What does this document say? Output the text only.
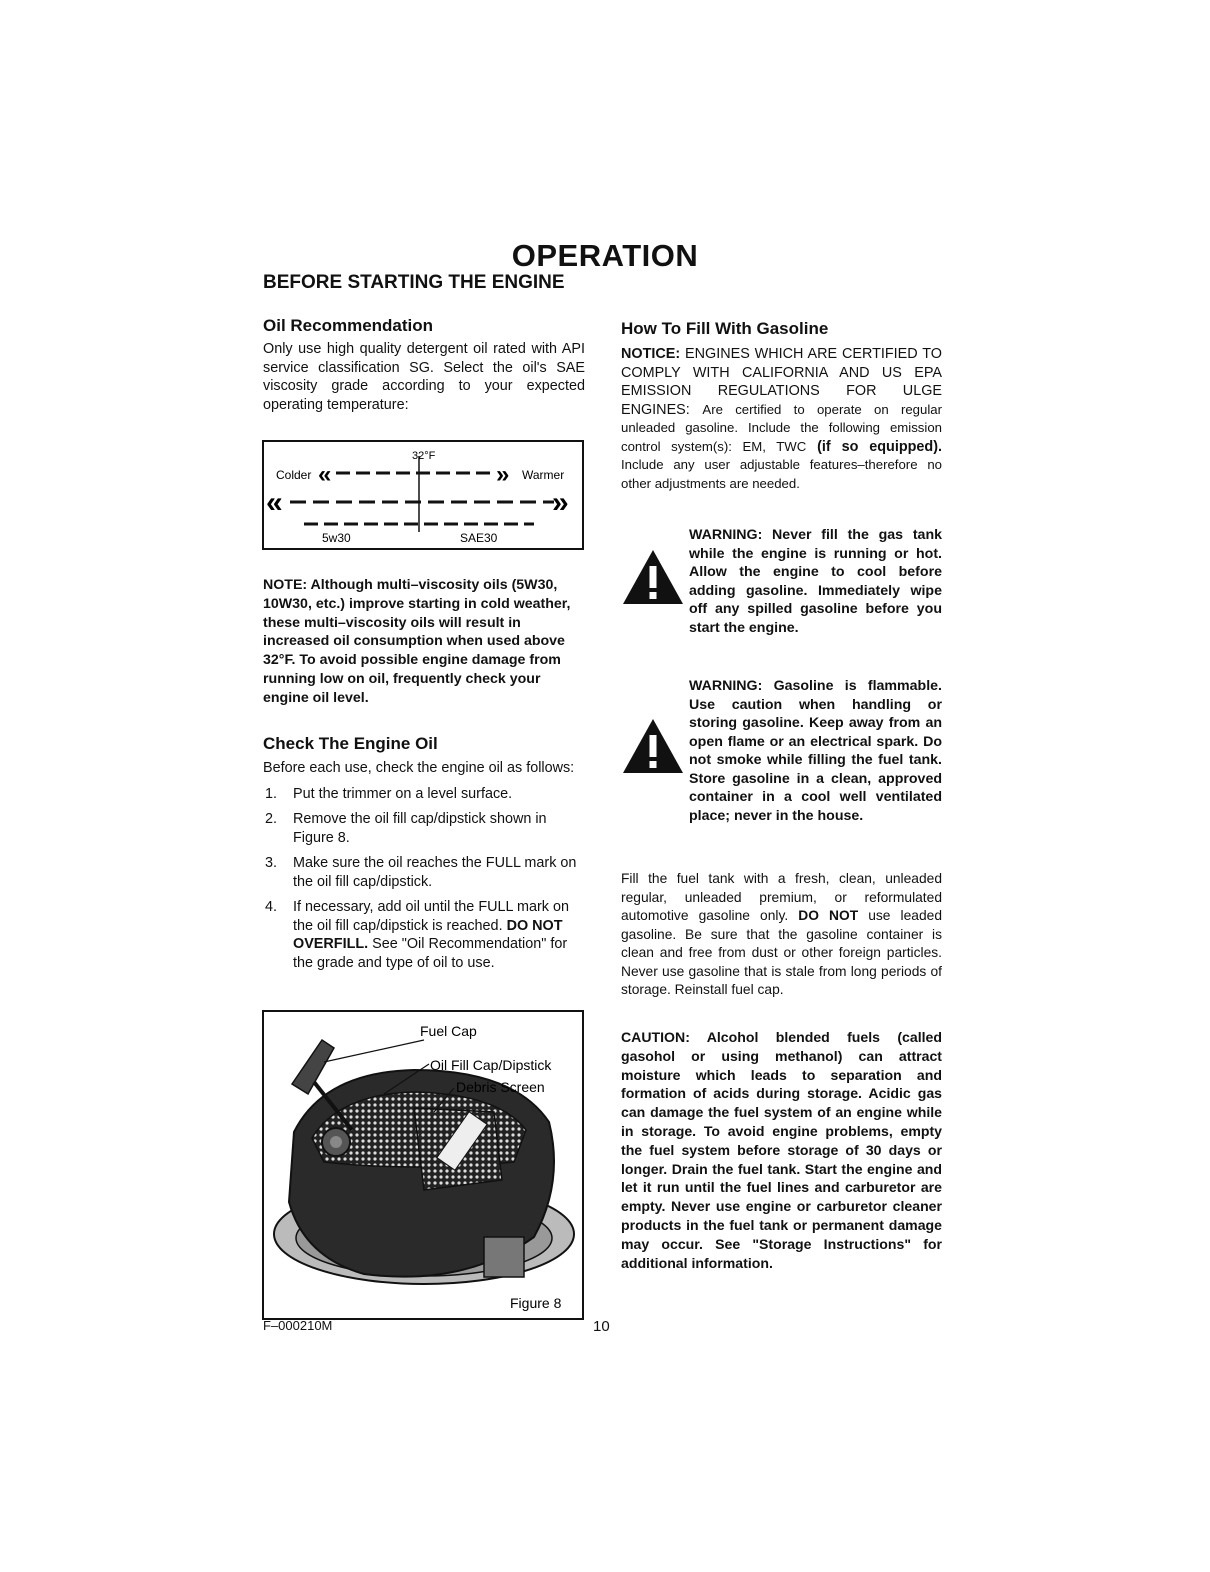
OPERATION
BEFORE STARTING THE ENGINE
Oil Recommendation
Only use high quality detergent oil rated with API service classification SG. Select the oil's SAE viscosity grade according to your expected operating temperature:
32°F
Colder	Warmer
«	»
«	»
5w30	SAE30
NOTE: Although multi–viscosity oils (5W30, 10W30, etc.) improve starting in cold weather, these multi–viscosity oils will result in increased oil consumption when used above 32°F. To avoid possible engine damage from running low on oil, frequently check your engine oil level.
Check The Engine Oil
Before each use, check the engine oil as follows:
1. Put the trimmer on a level surface.
2. Remove the oil fill cap/dipstick shown in Figure 8.
3. Make sure the oil reaches the FULL mark on the oil fill cap/dipstick.
4. If necessary, add oil until the FULL mark on the oil fill cap/dipstick is reached. DO NOT OVERFILL. See "Oil Recommendation" for the grade and type of oil to use.
Fuel Cap
Oil Fill Cap/Dipstick
Debris Screen
Figure 8
F–000210M	10
How To Fill With Gasoline
NOTICE: ENGINES WHICH ARE CERTIFIED TO COMPLY WITH CALIFORNIA AND US EPA EMISSION REGULATIONS FOR ULGE ENGINES: Are certified to operate on regular unleaded gasoline. Include the following emission control system(s): EM, TWC (if so equipped). Include any user adjustable features–therefore no other adjustments are needed.
WARNING: Never fill the gas tank while the engine is running or hot. Allow the engine to cool before adding gasoline. Immediately wipe off any spilled gasoline before you start the engine.
WARNING: Gasoline is flammable. Use caution when handling or storing gasoline. Keep away from an open flame or an electrical spark. Do not smoke while filling the fuel tank. Store gasoline in a clean, approved container in a cool well ventilated place; never in the house.
Fill the fuel tank with a fresh, clean, unleaded regular, unleaded premium, or reformulated automotive gasoline only. DO NOT use leaded gasoline. Be sure that the gasoline container is clean and free from dust or other foreign particles. Never use gasoline that is stale from long periods of storage. Reinstall fuel cap.
CAUTION: Alcohol blended fuels (called gasohol or using methanol) can attract moisture which leads to separation and formation of acids during storage. Acidic gas can damage the fuel system of an engine while in storage. To avoid engine problems, empty the fuel system before storage of 30 days or longer. Drain the fuel tank. Start the engine and let it run until the fuel lines and carburetor are empty. Never use engine or carburetor cleaner products in the fuel tank or permanent damage may occur. See "Storage Instructions" for additional information.
